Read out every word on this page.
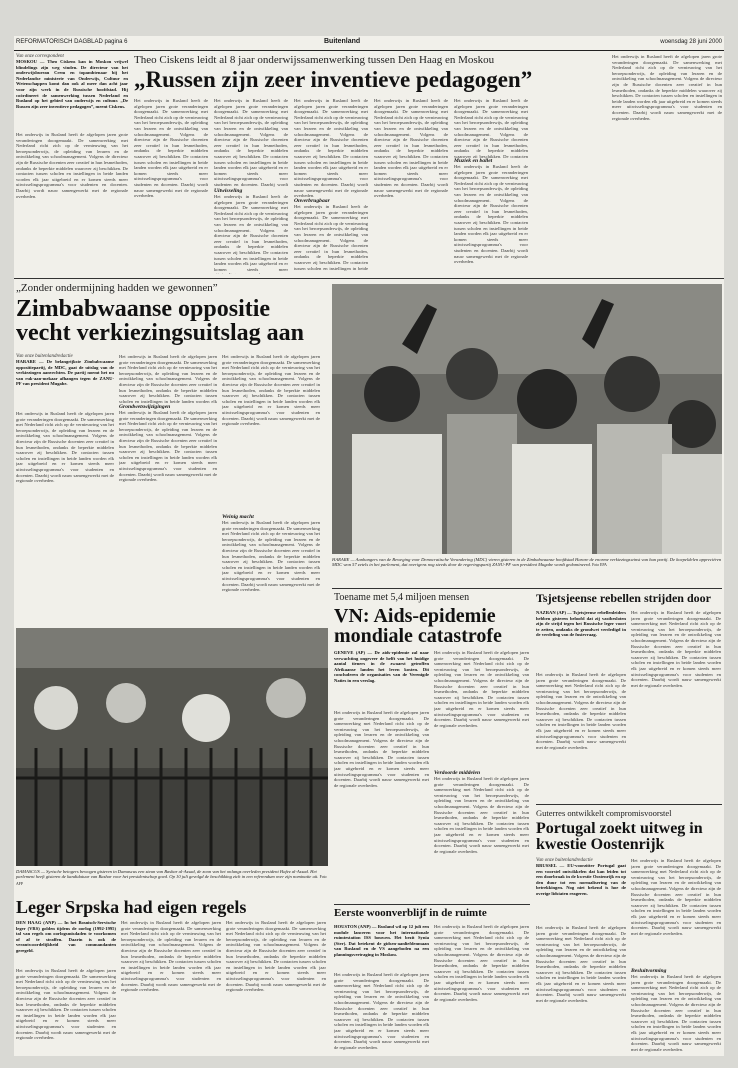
REFORMATORISCH DAGBLAD pagina 6	Buitenland	woensdag 28 juni 2000
Van onze correspondent
MOSKOU — Theo Ciskens kan in Moskou vrijwel blindelings zijn weg vinden. De directeur van het onderwijsbureau Crem en topambtenaar bij het Nederlandse ministerie van Onderwijs, Cultuur en Wetenschappen komt dan ook al meer dan acht jaar voor zijn werk in de Russische hoofdstad. Hij coördineert de samenwerking tussen Nederland en Rusland op het gebied van onderwijs en cultuur. „De Russen zijn zeer inventieve pedagogen”, meent Ciskens.
Het onderwijs in Rusland heeft de afgelopen jaren grote veranderingen doorgemaakt. De samenwerking met Nederland richt zich op de vernieuwing van het beroepsonderwijs, de opleiding van leraren en de ontwikkeling van schoolmanagement. Volgens de directeur zijn de Russische docenten zeer creatief in hun lesmethoden, ondanks de beperkte middelen waarover zij beschikken. De contacten tussen scholen en instellingen in beide landen worden elk jaar uitgebreid en er komen steeds meer uitwisselingsprogramma's voor studenten en docenten. Daarbij wordt nauw samengewerkt met de regionale overheden.
Theo Ciskens leidt al 8 jaar onderwijssamenwerking tussen Den Haag en Moskou
„Russen zijn zeer inventieve pedagogen”
Het onderwijs in Rusland heeft de afgelopen jaren grote veranderingen doorgemaakt. De samenwerking met Nederland richt zich op de vernieuwing van het beroepsonderwijs, de opleiding van leraren en de ontwikkeling van schoolmanagement. Volgens de directeur zijn de Russische docenten zeer creatief in hun lesmethoden, ondanks de beperkte middelen waarover zij beschikken. De contacten tussen scholen en instellingen in beide landen worden elk jaar uitgebreid en er komen steeds meer uitwisselingsprogramma's voor studenten en docenten. Daarbij wordt nauw samengewerkt met de regionale overheden.
Het onderwijs in Rusland heeft de afgelopen jaren grote veranderingen doorgemaakt. De samenwerking met Nederland richt zich op de vernieuwing van het beroepsonderwijs, de opleiding van leraren en de ontwikkeling van schoolmanagement. Volgens de directeur zijn de Russische docenten zeer creatief in hun lesmethoden, ondanks de beperkte middelen waarover zij beschikken. De contacten tussen scholen en instellingen in beide landen worden elk jaar uitgebreid en er komen steeds meer uitwisselingsprogramma's voor studenten en docenten. Daarbij wordt
Uitwisseling
Het onderwijs in Rusland heeft de afgelopen jaren grote veranderingen doorgemaakt. De samenwerking met Nederland richt zich op de vernieuwing van het beroepsonderwijs, de opleiding van leraren en de ontwikkeling van schoolmanagement. Volgens de directeur zijn de Russische docenten zeer creatief in hun lesmethoden, ondanks de beperkte middelen waarover zij beschikken. De contacten tussen scholen en instellingen in beide landen worden elk jaar uitgebreid en er komen steeds meer
Het onderwijs in Rusland heeft de afgelopen jaren grote veranderingen doorgemaakt. De samenwerking met Nederland richt zich op de vernieuwing van het beroepsonderwijs, de opleiding van leraren en de ontwikkeling van schoolmanagement. Volgens de directeur zijn de Russische docenten zeer creatief in hun lesmethoden, ondanks de beperkte middelen waarover zij beschikken. De contacten tussen scholen en instellingen in beide landen worden elk jaar uitgebreid en er komen steeds meer uitwisselingsprogramma's voor studenten en docenten. Daarbij wordt nauw samengewerkt met de regionale overheden.
Onverbrugbaar
Het onderwijs in Rusland heeft de afgelopen jaren grote veranderingen doorgemaakt. De samenwerking met Nederland richt zich op de vernieuwing van het beroepsonderwijs, de opleiding van leraren en de ontwikkeling van schoolmanagement. Volgens de directeur zijn de Russische docenten zeer creatief in hun lesmethoden, ondanks de beperkte middelen waarover zij beschikken. De contacten tussen scholen en instellingen in beide
Het onderwijs in Rusland heeft de afgelopen jaren grote veranderingen doorgemaakt. De samenwerking met Nederland richt zich op de vernieuwing van het beroepsonderwijs, de opleiding van leraren en de ontwikkeling van schoolmanagement. Volgens de directeur zijn de Russische docenten zeer creatief in hun lesmethoden, ondanks de beperkte middelen waarover zij beschikken. De contacten tussen scholen en instellingen in beide landen worden elk jaar uitgebreid en er komen steeds meer uitwisselingsprogramma's voor studenten en docenten. Daarbij wordt nauw samengewerkt met de regionale overheden.
Het onderwijs in Rusland heeft de afgelopen jaren grote veranderingen doorgemaakt. De samenwerking met Nederland richt zich op de vernieuwing van het beroepsonderwijs, de opleiding van leraren en de ontwikkeling van schoolmanagement. Volgens de directeur zijn de Russische docenten zeer creatief in hun lesmethoden, ondanks de beperkte middelen waarover zij beschikken. De contacten
Muziek en ballet
Het onderwijs in Rusland heeft de afgelopen jaren grote veranderingen doorgemaakt. De samenwerking met Nederland richt zich op de vernieuwing van het beroepsonderwijs, de opleiding van leraren en de ontwikkeling van schoolmanagement. Volgens de directeur zijn de Russische docenten zeer creatief in hun lesmethoden, ondanks de beperkte middelen waarover zij beschikken. De contacten tussen scholen en instellingen in beide landen worden elk jaar uitgebreid en er komen steeds meer uitwisselingsprogramma's voor studenten en docenten. Daarbij wordt nauw samengewerkt met de regionale overheden.
Het onderwijs in Rusland heeft de afgelopen jaren grote veranderingen doorgemaakt. De samenwerking met Nederland richt zich op de vernieuwing van het beroepsonderwijs, de opleiding van leraren en de ontwikkeling van schoolmanagement. Volgens de directeur zijn de Russische docenten zeer creatief in hun lesmethoden, ondanks de beperkte middelen waarover zij beschikken. De contacten tussen scholen en instellingen in beide landen worden elk jaar uitgebreid en er komen steeds meer uitwisselingsprogramma's voor studenten en docenten. Daarbij wordt nauw samengewerkt met de regionale overheden.
„Zonder ondermijning hadden we gewonnen”
Zimbabwaanse oppositie vecht verkiezingsuitslag aan
Van onze buitenlandredactie
HARARE — De belangrijkste Zimbabwaanse oppositiepartij, de MDC, gaat de uitslag van de verkiezingen aanvechten. De partij noemt het nu van ruk-aan-mekaar afhangen tegen de ZANU-PF van president Mugabe.
Het onderwijs in Rusland heeft de afgelopen jaren grote veranderingen doorgemaakt. De samenwerking met Nederland richt zich op de vernieuwing van het beroepsonderwijs, de opleiding van leraren en de ontwikkeling van schoolmanagement. Volgens de directeur zijn de Russische docenten zeer creatief in hun lesmethoden, ondanks de beperkte middelen waarover zij beschikken. De contacten tussen scholen en instellingen in beide landen worden elk jaar uitgebreid en er komen steeds meer uitwisselingsprogramma's voor studenten en docenten. Daarbij wordt nauw samengewerkt met de regionale overheden.
Het onderwijs in Rusland heeft de afgelopen jaren grote veranderingen doorgemaakt. De samenwerking met Nederland richt zich op de vernieuwing van het beroepsonderwijs, de opleiding van leraren en de ontwikkeling van schoolmanagement. Volgens de directeur zijn de Russische docenten zeer creatief in hun lesmethoden, ondanks de beperkte middelen waarover zij beschikken. De contacten tussen scholen en instellingen in beide landen worden elk
Grondwetswijzigingen
Het onderwijs in Rusland heeft de afgelopen jaren grote veranderingen doorgemaakt. De samenwerking met Nederland richt zich op de vernieuwing van het beroepsonderwijs, de opleiding van leraren en de ontwikkeling van schoolmanagement. Volgens de directeur zijn de Russische docenten zeer creatief in hun lesmethoden, ondanks de beperkte middelen waarover zij beschikken. De contacten tussen scholen en instellingen in beide landen worden elk jaar uitgebreid en er komen steeds meer uitwisselingsprogramma's voor studenten en docenten. Daarbij wordt nauw samengewerkt met de regionale overheden.
Het onderwijs in Rusland heeft de afgelopen jaren grote veranderingen doorgemaakt. De samenwerking met Nederland richt zich op de vernieuwing van het beroepsonderwijs, de opleiding van leraren en de ontwikkeling van schoolmanagement. Volgens de directeur zijn de Russische docenten zeer creatief in hun lesmethoden, ondanks de beperkte middelen waarover zij beschikken. De contacten tussen scholen en instellingen in beide landen worden elk jaar uitgebreid en er komen steeds meer uitwisselingsprogramma's voor studenten en docenten. Daarbij wordt nauw samengewerkt met de regionale overheden.
Weinig macht
Het onderwijs in Rusland heeft de afgelopen jaren grote veranderingen doorgemaakt. De samenwerking met Nederland richt zich op de vernieuwing van het beroepsonderwijs, de opleiding van leraren en de ontwikkeling van schoolmanagement. Volgens de directeur zijn de Russische docenten zeer creatief in hun lesmethoden, ondanks de beperkte middelen waarover zij beschikken. De contacten tussen scholen en instellingen in beide landen worden elk jaar uitgebreid en er komen steeds meer uitwisselingsprogramma's voor studenten en docenten. Daarbij wordt nauw samengewerkt met de regionale overheden.
HARARE — Aanhangers van de Beweging voor Democratische Verandering (MDC) vieren gisteren in de Zimbabwaanse hoofdstad Harare de enorme verkiezingswinst van hun partij. De koepeldelen appreciëren MDC won 57 zetels in het parlement, dat overigens nog steeds door de regeringspartij ZANU-PF van president Mugabe wordt gedomineerd. Foto EPA
DAMASCUS — Syrische betogers bewogen gisteren in Damascus een steun van Bashar al-Assad, de zoon van het onlangs overleden president Hafez al-Assad. Het parlement heeft gisteren de kandidatuur van Bashar voor het presidentschap goed. Op 10 juli gevolgd de beschikking zich in een referendum over zijn nominatie uit. Foto AFP
Leger Srpska had eigen regels
DEN HAAG (ANP) — In het Bosnisch-Servische leger (VRS) golden tijdens de oorlog (1992-1995) tal van regels om oorlogsmisdaden te voorkomen of af te straffen. Daarin is ook de verantwoordelijkheid van commandanten geregeld.
Het onderwijs in Rusland heeft de afgelopen jaren grote veranderingen doorgemaakt. De samenwerking met Nederland richt zich op de vernieuwing van het beroepsonderwijs, de opleiding van leraren en de ontwikkeling van schoolmanagement. Volgens de directeur zijn de Russische docenten zeer creatief in hun lesmethoden, ondanks de beperkte middelen waarover zij beschikken. De contacten tussen scholen en instellingen in beide landen worden elk jaar uitgebreid en er komen steeds meer uitwisselingsprogramma's voor studenten en docenten. Daarbij wordt nauw samengewerkt met de regionale overheden.
Het onderwijs in Rusland heeft de afgelopen jaren grote veranderingen doorgemaakt. De samenwerking met Nederland richt zich op de vernieuwing van het beroepsonderwijs, de opleiding van leraren en de ontwikkeling van schoolmanagement. Volgens de directeur zijn de Russische docenten zeer creatief in hun lesmethoden, ondanks de beperkte middelen waarover zij beschikken. De contacten tussen scholen en instellingen in beide landen worden elk jaar uitgebreid en er komen steeds meer uitwisselingsprogramma's voor studenten en docenten. Daarbij wordt nauw samengewerkt met de regionale overheden.
Het onderwijs in Rusland heeft de afgelopen jaren grote veranderingen doorgemaakt. De samenwerking met Nederland richt zich op de vernieuwing van het beroepsonderwijs, de opleiding van leraren en de ontwikkeling van schoolmanagement. Volgens de directeur zijn de Russische docenten zeer creatief in hun lesmethoden, ondanks de beperkte middelen waarover zij beschikken. De contacten tussen scholen en instellingen in beide landen worden elk jaar uitgebreid en er komen steeds meer uitwisselingsprogramma's voor studenten en docenten. Daarbij wordt nauw samengewerkt met de regionale overheden.
Toename met 5,4 miljoen mensen
VN: Aids-epidemie mondiale catastrofe
GENEVE (AP) — De aids-epidemie zal naar verwachting ongeveer de helft van het huidige aantal tieners in de zwaarst getroffen Afrikaanse landen het leven kosten. Dit concluderen de organisaties van de Verenigde Naties in een verslag.
Het onderwijs in Rusland heeft de afgelopen jaren grote veranderingen doorgemaakt. De samenwerking met Nederland richt zich op de vernieuwing van het beroepsonderwijs, de opleiding van leraren en de ontwikkeling van schoolmanagement. Volgens de directeur zijn de Russische docenten zeer creatief in hun lesmethoden, ondanks de beperkte middelen waarover zij beschikken. De contacten tussen scholen en instellingen in beide landen worden elk jaar uitgebreid en er komen steeds meer uitwisselingsprogramma's voor studenten en docenten. Daarbij wordt nauw samengewerkt met de regionale overheden.
Het onderwijs in Rusland heeft de afgelopen jaren grote veranderingen doorgemaakt. De samenwerking met Nederland richt zich op de vernieuwing van het beroepsonderwijs, de opleiding van leraren en de ontwikkeling van schoolmanagement. Volgens de directeur zijn de Russische docenten zeer creatief in hun lesmethoden, ondanks de beperkte middelen waarover zij beschikken. De contacten tussen scholen en instellingen in beide landen worden elk jaar uitgebreid en er komen steeds meer uitwisselingsprogramma's voor studenten en docenten. Daarbij wordt nauw samengewerkt met de regionale overheden.
Verdoorde middelen
Het onderwijs in Rusland heeft de afgelopen jaren grote veranderingen doorgemaakt. De samenwerking met Nederland richt zich op de vernieuwing van het beroepsonderwijs, de opleiding van leraren en de ontwikkeling van schoolmanagement. Volgens de directeur zijn de Russische docenten zeer creatief in hun lesmethoden, ondanks de beperkte middelen waarover zij beschikken. De contacten tussen scholen en instellingen in beide landen worden elk jaar uitgebreid en er komen steeds meer uitwisselingsprogramma's voor studenten en docenten. Daarbij wordt nauw samengewerkt met de regionale overheden.
Eerste woonverblijf in de ruimte
HOUSTON (ANP) — Rusland wil op 12 juli een module lanceren voor het internationale ruimtestation ISS bouwen. Het bezit Synia (Ster). Dat betekent de gidsen-aanliefdenmaan van Rusland en de VS aangeboden na een planningsvertraging in Moskou.
Het onderwijs in Rusland heeft de afgelopen jaren grote veranderingen doorgemaakt. De samenwerking met Nederland richt zich op de vernieuwing van het beroepsonderwijs, de opleiding van leraren en de ontwikkeling van schoolmanagement. Volgens de directeur zijn de Russische docenten zeer creatief in hun lesmethoden, ondanks de beperkte middelen waarover zij beschikken. De contacten tussen scholen en instellingen in beide landen worden elk jaar uitgebreid en er komen steeds meer uitwisselingsprogramma's voor studenten en docenten. Daarbij wordt nauw samengewerkt met de regionale overheden.
Het onderwijs in Rusland heeft de afgelopen jaren grote veranderingen doorgemaakt. De samenwerking met Nederland richt zich op de vernieuwing van het beroepsonderwijs, de opleiding van leraren en de ontwikkeling van schoolmanagement. Volgens de directeur zijn de Russische docenten zeer creatief in hun lesmethoden, ondanks de beperkte middelen waarover zij beschikken. De contacten tussen scholen en instellingen in beide landen worden elk jaar uitgebreid en er komen steeds meer uitwisselingsprogramma's voor studenten en docenten. Daarbij wordt nauw samengewerkt met de regionale overheden.
Tsjetsjeense rebellen strijden door
NAZRAN (AP) — Tsjetsjeense rebellenleiders hebben gisteren beloofd dat zij vastbesloten zijn de strijd tegen het Russische leger voort te zetten, ondanks de grondwet verdedigd in de verdeling van de fusievraag.
Het onderwijs in Rusland heeft de afgelopen jaren grote veranderingen doorgemaakt. De samenwerking met Nederland richt zich op de vernieuwing van het beroepsonderwijs, de opleiding van leraren en de ontwikkeling van schoolmanagement. Volgens de directeur zijn de Russische docenten zeer creatief in hun lesmethoden, ondanks de beperkte middelen waarover zij beschikken. De contacten tussen scholen en instellingen in beide landen worden elk jaar uitgebreid en er komen steeds meer uitwisselingsprogramma's voor studenten en docenten. Daarbij wordt nauw samengewerkt met de regionale overheden.
Het onderwijs in Rusland heeft de afgelopen jaren grote veranderingen doorgemaakt. De samenwerking met Nederland richt zich op de vernieuwing van het beroepsonderwijs, de opleiding van leraren en de ontwikkeling van schoolmanagement. Volgens de directeur zijn de Russische docenten zeer creatief in hun lesmethoden, ondanks de beperkte middelen waarover zij beschikken. De contacten tussen scholen en instellingen in beide landen worden elk jaar uitgebreid en er komen steeds meer uitwisselingsprogramma's voor studenten en docenten. Daarbij wordt nauw samengewerkt met de regionale overheden.
Guterres ontwikkelt compromisvoorstel
Portugal zoekt uitweg in kwestie Oostenrijk
Van onze buitenlandredactie
BRUSSEL — EU-voorzitter Portugal gaat een voorstel ontwikkelen dat kan leiden tot een doorbraak in de kwestie Oostenrijk en op den duur tot een normalisering van de betrekkingen. Nog niet bekend is hoe de overige lidstaten reageren.
Het onderwijs in Rusland heeft de afgelopen jaren grote veranderingen doorgemaakt. De samenwerking met Nederland richt zich op de vernieuwing van het beroepsonderwijs, de opleiding van leraren en de ontwikkeling van schoolmanagement. Volgens de directeur zijn de Russische docenten zeer creatief in hun lesmethoden, ondanks de beperkte middelen waarover zij beschikken. De contacten tussen scholen en instellingen in beide landen worden elk jaar uitgebreid en er komen steeds meer uitwisselingsprogramma's voor studenten en docenten. Daarbij wordt nauw samengewerkt met de regionale overheden.
Het onderwijs in Rusland heeft de afgelopen jaren grote veranderingen doorgemaakt. De samenwerking met Nederland richt zich op de vernieuwing van het beroepsonderwijs, de opleiding van leraren en de ontwikkeling van schoolmanagement. Volgens de directeur zijn de Russische docenten zeer creatief in hun lesmethoden, ondanks de beperkte middelen waarover zij beschikken. De contacten tussen scholen en instellingen in beide landen worden elk jaar uitgebreid en er komen steeds meer uitwisselingsprogramma's voor studenten en docenten. Daarbij wordt nauw samengewerkt met de regionale overheden.
Besluitvorming
Het onderwijs in Rusland heeft de afgelopen jaren grote veranderingen doorgemaakt. De samenwerking met Nederland richt zich op de vernieuwing van het beroepsonderwijs, de opleiding van leraren en de ontwikkeling van schoolmanagement. Volgens de directeur zijn de Russische docenten zeer creatief in hun lesmethoden, ondanks de beperkte middelen waarover zij beschikken. De contacten tussen scholen en instellingen in beide landen worden elk jaar uitgebreid en er komen steeds meer uitwisselingsprogramma's voor studenten en docenten. Daarbij wordt nauw samengewerkt met de regionale overheden.
